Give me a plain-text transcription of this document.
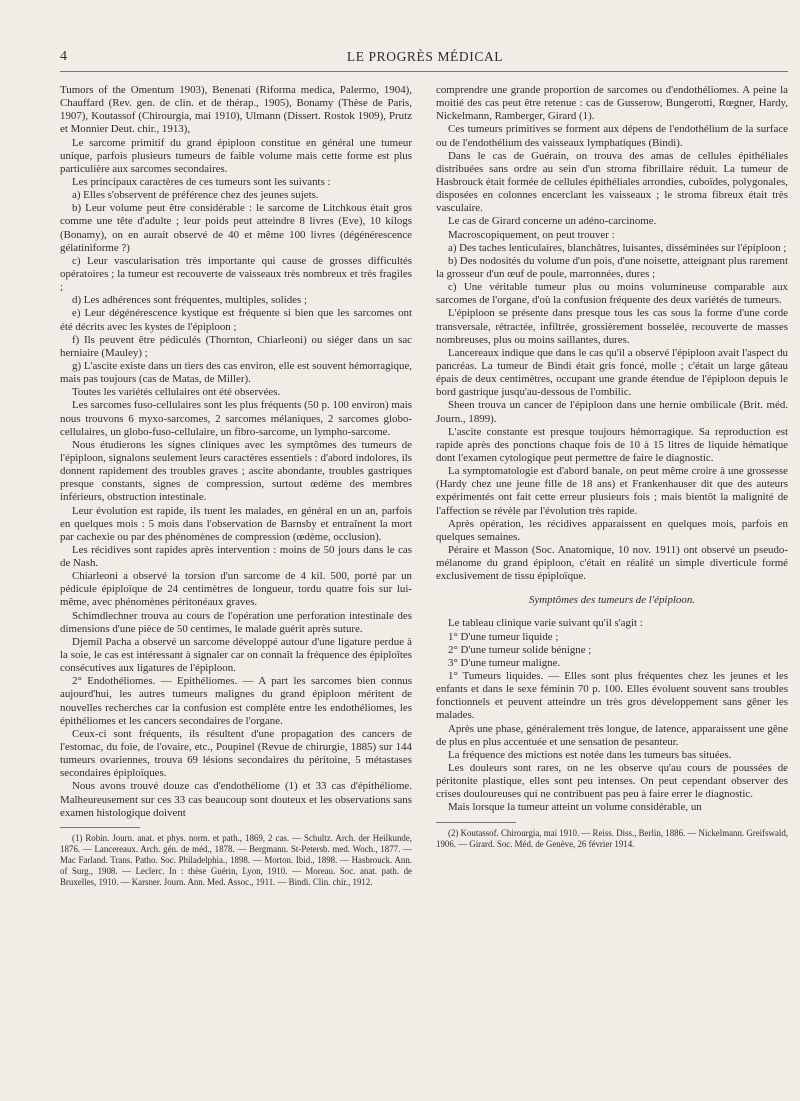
4	LE PROGRÈS MÉDICAL

Tumors of the Omentum 1903), Benenati (Riforma medica, Palermo, 1904), Chauffard (Rev. gen. de clin. et de thérap., 1905), Bonamy (Thèse de Paris, 1907), Koutassof (Chirourgia, mai 1910), Ulmann (Dissert. Rostok 1909), Prutz et Monnier Deut. chir., 1913),

Le sarcome primitif du grand épiploon constitue en général une tumeur unique, parfois plusieurs tumeurs de faible volume mais cette forme est plus particulière aux sarcomes secondaires.

Les principaux caractères de ces tumeurs sont les suivants :

a) Elles s'observent de préférence chez des jeunes sujets.

b) Leur volume peut être considérable : le sarcome de Litchkous était gros comme une tête d'adulte ; leur poids peut atteindre 8 livres (Eve), 10 kilogs (Bonamy), on en aurait observé de 40 et même 100 livres (dégénérescence gélatiniforme ?)

c) Leur vascularisation très importante qui cause de grosses difficultés opératoires ; la tumeur est recouverte de vaisseaux très nombreux et très fragiles ;

d) Les adhérences sont fréquentes, multiples, solides ;

e) Leur dégénérescence kystique est fréquente si bien que les sarcomes ont été décrits avec les kystes de l'épiploon ;

f) Ils peuvent être pédiculés (Thornton, Chiarleoni) ou siéger dans un sac herniaire (Mauley) ;

g) L'ascite existe dans un tiers des cas environ, elle est souvent hémorragique, mais pas toujours (cas de Matas, de Miller).

Toutes les variétés cellulaires ont été observées.

Les sarcomes fuso-cellulaires sont les plus fréquents (50 p. 100 environ) mais nous trouvons 6 myxo-sarcomes, 2 sarcomes mélaniques, 2 sarcomes globo-cellulaires, un globo-fuso-cellulaire, un fibro-sarcome, un lympho-sarcome.

Nous étudierons les signes cliniques avec les symptômes des tumeurs de l'épiploon, signalons seulement leurs caractères essentiels : d'abord indolores, ils donnent rapidement des troubles graves ; ascite abondante, troubles gastriques presque constants, signes de compression, surtout œdème des membres inférieurs, obstruction intestinale.

Leur évolution est rapide, ils tuent les malades, en général en un an, parfois en quelques mois : 5 mois dans l'observation de Barnsby et entraînent la mort par cachexie ou par des phénomènes de compression (œdème, occlusion).

Les récidives sont rapides après intervention : moins de 50 jours dans le cas de Nash.

Chiarleoni a observé la torsion d'un sarcome de 4 kil. 500, porté par un pédicule épiploïque de 24 centimètres de longueur, tordu quatre fois sur lui-même, avec phénomènes péritonéaux graves.

Schimdlechner trouva au cours de l'opération une perforation intestinale des dimensions d'une pièce de 50 centimes, le malade guérit après suture.

Djemil Pacha a observé un sarcome développé autour d'une ligature perdue à la soie, le cas est intéressant à signaler car on connaît la fréquence des épiploïtes consécutives aux ligatures de l'épiploon.

2° Endothéliomes. — Epithéliomes. — A part les sarcomes bien connus aujourd'hui, les autres tumeurs malignes du grand épiploon méritent de nouvelles recherches car la confusion est complète entre les endothéliomes, les épithéliomes et les cancers secondaires de l'organe.

Ceux-ci sont fréquents, ils résultent d'une propagation des cancers de l'estomac, du foie, de l'ovaire, etc., Poupinel (Revue de chirurgie, 1885) sur 144 tumeurs ovariennes, trouva 69 lésions secondaires du péritoine, 5 métastases secondaires épiploïques.

Nous avons trouvé douze cas d'endothéliome (1) et 33 cas d'épithéliome. Malheureusement sur ces 33 cas beaucoup sont douteux et les observations sans examen histologique doivent

(1) Robin. Journ. anat. et phys. norm. et path., 1869, 2 cas. — Schultz. Arch. der Heilkunde, 1876. — Lancereaux. Arch. gén. de méd., 1878. — Bergmann. St-Petersb. med. Woch., 1877. — Mac Farland. Trans. Patho. Soc. Philadelphia., 1898. — Morton. Ibid., 1898. — Hasbrouck. Ann. of Surg., 1908. — Leclerc. In : thèse Guérin, Lyon, 1910. — Moreau. Soc. anat. path. de Bruxelles, 1910. — Karsner. Journ. Ann. Med. Assoc., 1911. — Bindi. Clin. chir., 1912.

comprendre une grande proportion de sarcomes ou d'endothéliomes. A peine la moitié des cas peut être retenue : cas de Gusserow, Bungerotti, Rœgner, Hardy, Nickelmann, Ramberger, Girard (1).

Ces tumeurs primitives se forment aux dépens de l'endothélium de la surface ou de l'endothélium des vaisseaux lymphatiques (Bindi).

Dans le cas de Guérain, on trouva des amas de cellules épithéliales distribuées sans ordre au sein d'un stroma fibrillaire réduit. La tumeur de Hasbrouck était formée de cellules épithéliales arrondies, cuboïdes, polygonales, disposées en colonnes encerclant les vaisseaux ; le stroma fibreux était très vasculaire.

Le cas de Girard concerne un adéno-carcinome.

Macroscopiquement, on peut trouver :

a) Des taches lenticulaires, blanchâtres, luisantes, disséminées sur l'épiploon ;

b) Des nodosités du volume d'un pois, d'une noisette, atteignant plus rarement la grosseur d'un œuf de poule, marronnées, dures ;

c) Une véritable tumeur plus ou moins volumineuse comparable aux sarcomes de l'organe, d'où la confusion fréquente des deux variétés de tumeurs.

L'épiploon se présente dans presque tous les cas sous la forme d'une corde transversale, rétractée, infiltrée, grossièrement bosselée, recouverte de masses nombreuses, plus ou moins saillantes, dures.

Lancereaux indique que dans le cas qu'il a observé l'épiploon avait l'aspect du pancréas. La tumeur de Bindi était gris foncé, molle ; c'était un large gâteau épais de deux centimètres, occupant une grande étendue de l'épiploon depuis le bord gastrique jusqu'au-dessous de l'ombilic.

Sheen trouva un cancer de l'épiploon dans une hernie ombilicale (Brit. méd. Journ., 1899).

L'ascite constante est presque toujours hémorragique. Sa reproduction est rapide après des ponctions chaque fois de 10 à 15 litres de liquide hématique dont l'examen cytologique peut permettre de faire le diagnostic.

La symptomatologie est d'abord banale, on peut même croire à une grossesse (Hardy chez une jeune fille de 18 ans) et Frankenhauser dit que des auteurs expérimentés ont fait cette erreur plusieurs fois ; mais bientôt la malignité de l'affection se révèle par l'évolution très rapide.

Après opération, les récidives apparaissent en quelques mois, parfois en quelques semaines.

Péraire et Masson (Soc. Anatomique, 10 nov. 1911) ont observé un pseudo-mélanome du grand épiploon, c'était en réalité un simple diverticule formé exclusivement de tissu épiploïque.

Symptômes des tumeurs de l'épiploon.

Le tableau clinique varie suivant qu'il s'agit :

1° D'une tumeur liquide ;

2° D'une tumeur solide bénigne ;

3° D'une tumeur maligne.

1° Tumeurs liquides. — Elles sont plus fréquentes chez les jeunes et les enfants et dans le sexe féminin 70 p. 100. Elles évoluent souvent sans troubles fonctionnels et peuvent atteindre un très gros développement sans gêner les malades.

Après une phase, généralement très longue, de latence, apparaissent une gêne de plus en plus accentuée et une sensation de pesanteur.

La fréquence des mictions est notée dans les tumeurs bas situées.

Les douleurs sont rares, on ne les observe qu'au cours de poussées de péritonite plastique, elles sont peu intenses. On peut cependant observer des crises douloureuses qui ne contribuent pas peu à faire errer le diagnostic.

Mais lorsque la tumeur atteint un volume considérable, un

(2) Koutassof. Chirourgia, mai 1910. — Reiss. Diss., Berlin, 1886. — Nickelmann. Greifswald, 1906. — Girard. Soc. Méd. de Genève, 26 février 1914.
